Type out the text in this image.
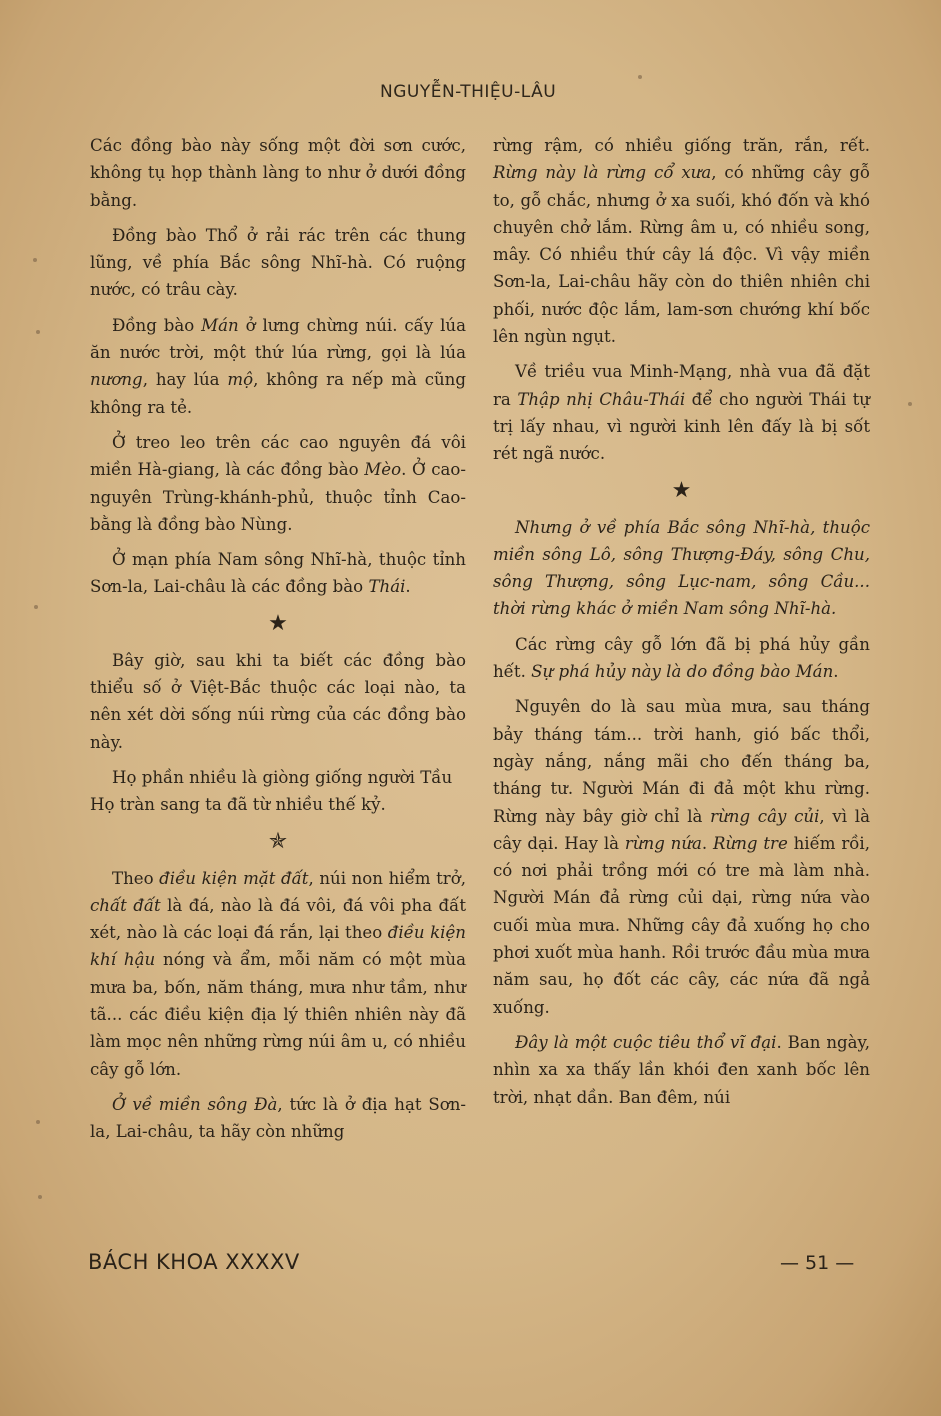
NGUYỄN-THIỆU-LÂU

Các đồng bào này sống một đời sơn cước, không tụ họp thành làng to như ở dưới đồng bằng.

Đồng bào Thổ ở rải rác trên các thung lũng, về phía Bắc sông Nhĩ-hà. Có ruộng nước, có trâu cày.

Đồng bào Mán ở lưng chừng núi. cấy lúa ăn nước trời, một thứ lúa rừng, gọi là lúa nương, hay lúa mộ, không ra nếp mà cũng không ra tẻ.

Ở treo leo trên các cao nguyên đá vôi miền Hà-giang, là các đồng bào Mèo. Ở cao-nguyên Trùng-khánh-phủ, thuộc tỉnh Cao-bằng là đồng bào Nùng.

Ở mạn phía Nam sông Nhĩ-hà, thuộc tỉnh Sơn-la, Lai-châu là các đồng bào Thái.

★

Bây giờ, sau khi ta biết các đồng bào thiểu số ở Việt-Bắc thuộc các loại nào, ta nên xét dời sống núi rừng của các đồng bào này.

Họ phần nhiều là giòng giống người Tầu
Họ tràn sang ta đã từ nhiều thế kỷ.

✯

Theo điều kiện mặt đất, núi non hiểm trở, chất đất là đá, nào là đá vôi, đá vôi pha đất xét, nào là các loại đá rắn, lại theo điều kiện khí hậu nóng và ẩm, mỗi năm có một mùa mưa ba, bốn, năm tháng, mưa như tầm, như tã... các điều kiện địa lý thiên nhiên này đã làm mọc nên những rừng núi âm u, có nhiều cây gỗ lớn.

Ở về miền sông Đà, tức là ở địa hạt Sơn-la, Lai-châu, ta hãy còn những

rừng rậm, có nhiều giống trăn, rắn, rết. Rừng này là rừng cổ xưa, có những cây gỗ to, gỗ chắc, nhưng ở xa suối, khó đốn và khó chuyên chở lắm. Rừng âm u, có nhiều song, mây. Có nhiều thứ cây lá độc. Vì vậy miền Sơn-la, Lai-châu hãy còn do thiên nhiên chi phối, nước độc lắm, lam-sơn chướng khí bốc lên ngùn ngụt.

Về triều vua Minh-Mạng, nhà vua đã đặt ra Thập nhị Châu-Thái để cho người Thái tự trị lấy nhau, vì người kinh lên đấy là bị sốt rét ngã nước.

★

Nhưng ở về phía Bắc sông Nhĩ-hà, thuộc miền sông Lô, sông Thượng-Đáy, sông Chu, sông Thượng, sông Lục-nam, sông Cầu... thời rừng khác ở miền Nam sông Nhĩ-hà.

Các rừng cây gỗ lớn đã bị phá hủy gần hết. Sự phá hủy này là do đồng bào Mán.

Nguyên do là sau mùa mưa, sau tháng bảy tháng tám... trời hanh, gió bấc thổi, ngày nắng, nắng mãi cho đến tháng ba, tháng tư. Người Mán đi đả một khu rừng. Rừng này bây giờ chỉ là rừng cây củi, vì là cây dại. Hay là rừng nứa. Rừng tre hiếm rồi, có nơi phải trồng mới có tre mà làm nhà. Người Mán đả rừng củi dại, rừng nứa vào cuối mùa mưa. Những cây đả xuống họ cho phơi xuốt mùa hanh. Rồi trước đầu mùa mưa năm sau, họ đốt các cây, các nứa đã ngả xuống.

Đây là một cuộc tiêu thổ vĩ đại. Ban ngày, nhìn xa xa thấy lần khói đen xanh bốc lên trời, nhạt dần. Ban đêm, núi

BÁCH KHOA XXXXV	— 51 —
